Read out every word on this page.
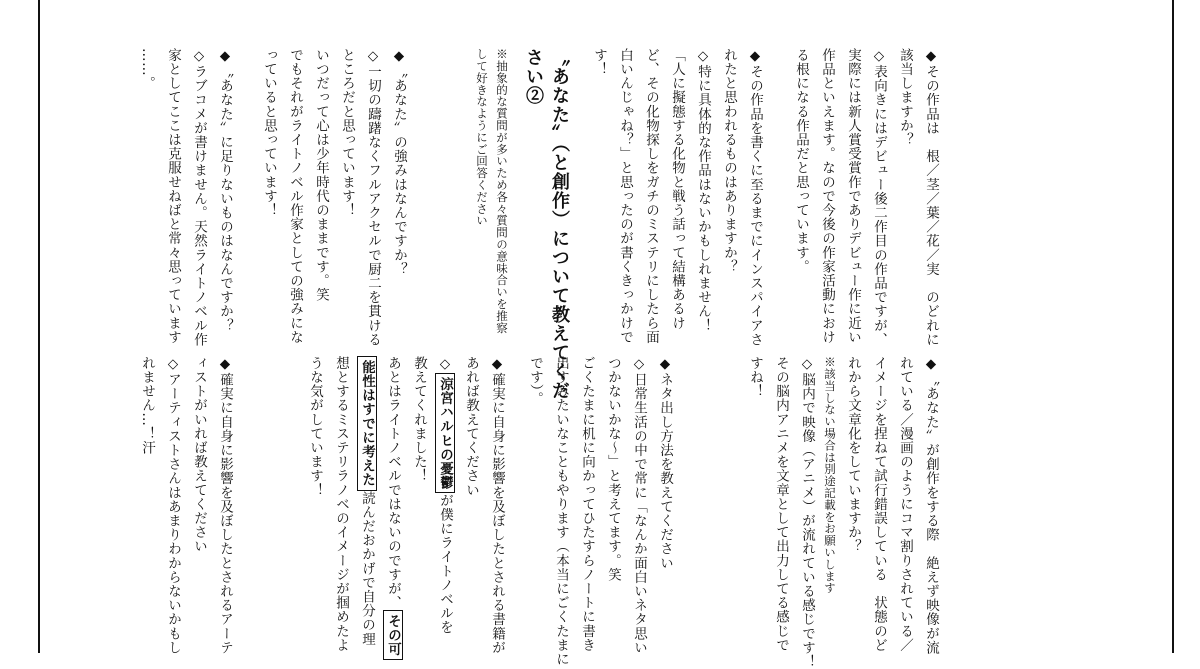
◆その作品は　根／茎／葉／花／実　のどれに
該当しますか？
◇表向きにはデビュー後二作目の作品ですが、
実際には新人賞受賞作でありデビュー作に近い
作品といえます。なので今後の作家活動におけ
る根になる作品だと思っています。
◆その作品を書くに至るまでにインスパイアさ
れたと思われるものはありますか？
◇特に具体的な作品はないかもしれません！
「人に擬態する化物と戦う話って結構あるけ
ど、その化物探しをガチのミステリにしたら面
白いんじゃね？」と思ったのが書くきっかけで
す！
〝あなた〟（と創作）について教えてくだ
さい②
※抽象的な質問が多いため各々質問の意味合いを推察
して好きなようにご回答ください
◆〝あなた〟の強みはなんですか？
◇一切の躊躇なくフルアクセルで厨二を貫ける
ところだと思っています！
いつだって心は少年時代のままです。笑
でもそれがライトノベル作家としての強みにな
っていると思っています！
◆〝あなた〟に足りないものはなんですか？
◇ラブコメが書けません。天然ライトノベル作
家としてここは克服せねばと常々思っています
……。
◆〝あなた〟が創作をする際　絶えず映像が流
れている／漫画のようにコマ割りされている／
イメージを捏ねて試行錯誤している　状態のど
れから文章化をしていますか？
※該当しない場合は別途記載をお願いします
◇脳内で映像（アニメ）が流れている感じです！
その脳内アニメを文章として出力してる感じで
すね！
◆ネタ出し方法を教えてください
◇日常生活の中で常に「なんか面白いネタ思い
つかないかな〜」と考えてます。笑
ごくたまに机に向かってひたすらノートに書き
出すみたいなこともやります（本当にごくたまに
です）。
◆確実に自身に影響を及ぼしたとされる書籍が
あれば教えてください
◇涼宮ハルヒの憂鬱が僕にライトノベルを
教えてくれました！
あとはライトノベルではないのですが、その可
能性はすでに考えた読んだおかげで自分の理
想とするミステリラノベのイメージが掴めたよ
うな気がしています！
◆確実に自身に影響を及ぼしたとされるアーテ
ィストがいれば教えてください
◇アーティストさんはあまりわからないかもし
れません…！汗
